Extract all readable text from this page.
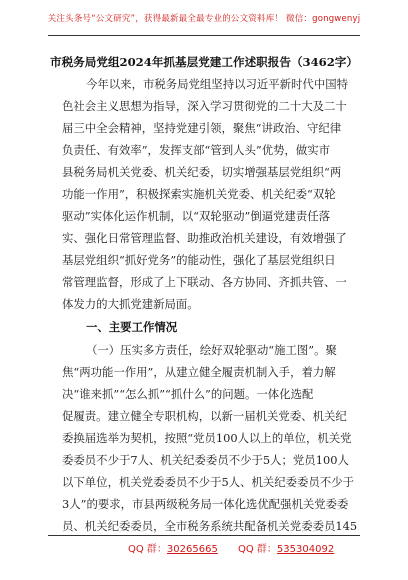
关注头条号“公文研究”，获得最新最全最专业的公文资料库！ 微信：gongwenyj
市税务局党组2024年抓基层党建工作述职报告（3462字）
今年以来，市税务局党组坚持以习近平新时代中国特
色社会主义思想为指导，深入学习贯彻党的二十大及二十
届三中全会精神，坚持党建引领，聚焦“讲政治、守纪律
负责任、有效率”，发挥支部“管到人头”优势，做实市
县税务局机关党委、机关纪委，切实增强基层党组织“两
功能一作用”，积极探索实施机关党委、机关纪委“双轮
驱动”实体化运作机制，以“双轮驱动”倒逼党建责任落
实、强化日常管理监督、助推政治机关建设，有效增强了
基层党组织“抓好党务”的能动性，强化了基层党组织日
常管理监督，形成了上下联动、各方协同、齐抓共管、一
体发力的大抓党建新局面。
一、主要工作情况
（一）压实多方责任，绘好双轮驱动“施工图”。聚
焦“两功能一作用”，从建立健全履责机制入手，着力解
决“谁来抓”“怎么抓”“抓什么”的问题。一体化选配
促履责。建立健全专职机构，以新一届机关党委、机关纪
委换届选举为契机，按照“党员100人以上的单位，机关党
委委员不少于7人、机关纪委委员不少于5人；党员100人
以下单位，机关党委委员不少于5人、机关纪委委员不少于
3人”的要求，市县两级税务局一体化选优配强机关党委委
员、机关纪委委员，全市税务系统共配备机关党委委员145
QQ 群：30265665 QQ 群：535304092
